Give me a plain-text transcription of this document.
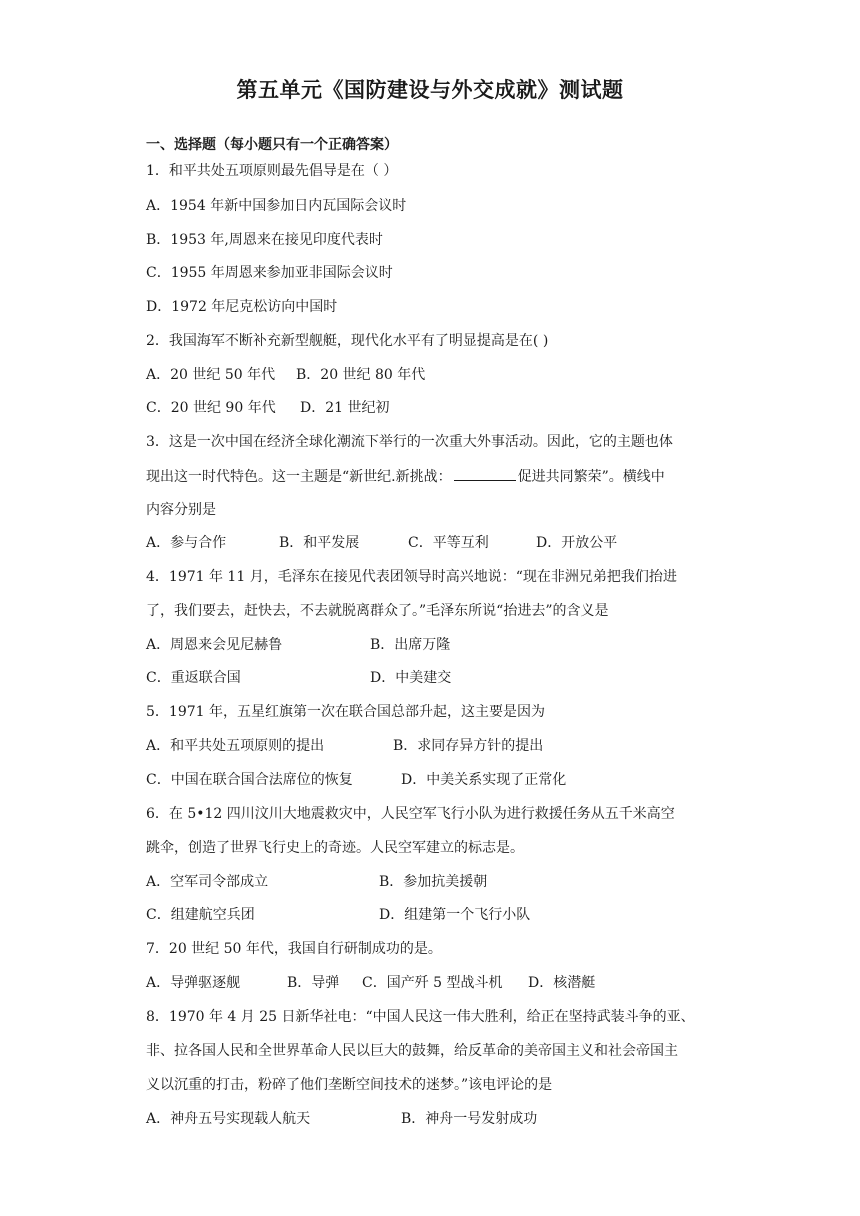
第五单元《国防建设与外交成就》测试题
一、选择题（每小题只有一个正确答案）
1．和平共处五项原则最先倡导是在（ ）
A．1954 年新中国参加日内瓦国际会议时
B．1953 年,周恩来在接见印度代表时
C．1955 年周恩来参加亚非国际会议时
D．1972 年尼克松访向中国时
2．我国海军不断补充新型舰艇，现代化水平有了明显提高是在( )
A．20 世纪 50 年代 B．20 世纪 80 年代
C．20 世纪 90 年代 D．21 世纪初
3．这是一次中国在经济全球化潮流下举行的一次重大外事活动。因此，它的主题也体
现出这一时代特色。这一主题是“新世纪.新挑战：	促进共同繁荣”。横线中
内容分别是
A．参与合作	B．和平发展	C．平等互利	D．开放公平
4．1971 年 11 月，毛泽东在接见代表团领导时高兴地说：“现在非洲兄弟把我们抬进
了，我们要去，赶快去，不去就脱离群众了。”毛泽东所说“抬进去”的含义是
A．周恩来会见尼赫鲁	B．出席万隆
C．重返联合国	D．中美建交
5．1971 年，五星红旗第一次在联合国总部升起，这主要是因为
A．和平共处五项原则的提出	B．求同存异方针的提出
C．中国在联合国合法席位的恢复	D．中美关系实现了正常化
6．在 5•12 四川汶川大地震救灾中，人民空军飞行小队为进行救援任务从五千米高空
跳伞，创造了世界飞行史上的奇迹。人民空军建立的标志是。
A．空军司令部成立	B．参加抗美援朝
C．组建航空兵团	D．组建第一个飞行小队
7．20 世纪 50 年代，我国自行研制成功的是。
A．导弹驱逐舰	B．导弹 C．国产歼 5 型战斗机 D．核潜艇
8．1970 年 4 月 25 日新华社电：“中国人民这一伟大胜利，给正在坚持武装斗争的亚、
非、拉各国人民和全世界革命人民以巨大的鼓舞，给反革命的美帝国主义和社会帝国主
义以沉重的打击，粉碎了他们垄断空间技术的迷梦。”该电评论的是
A．神舟五号实现载人航天	B．神舟一号发射成功
